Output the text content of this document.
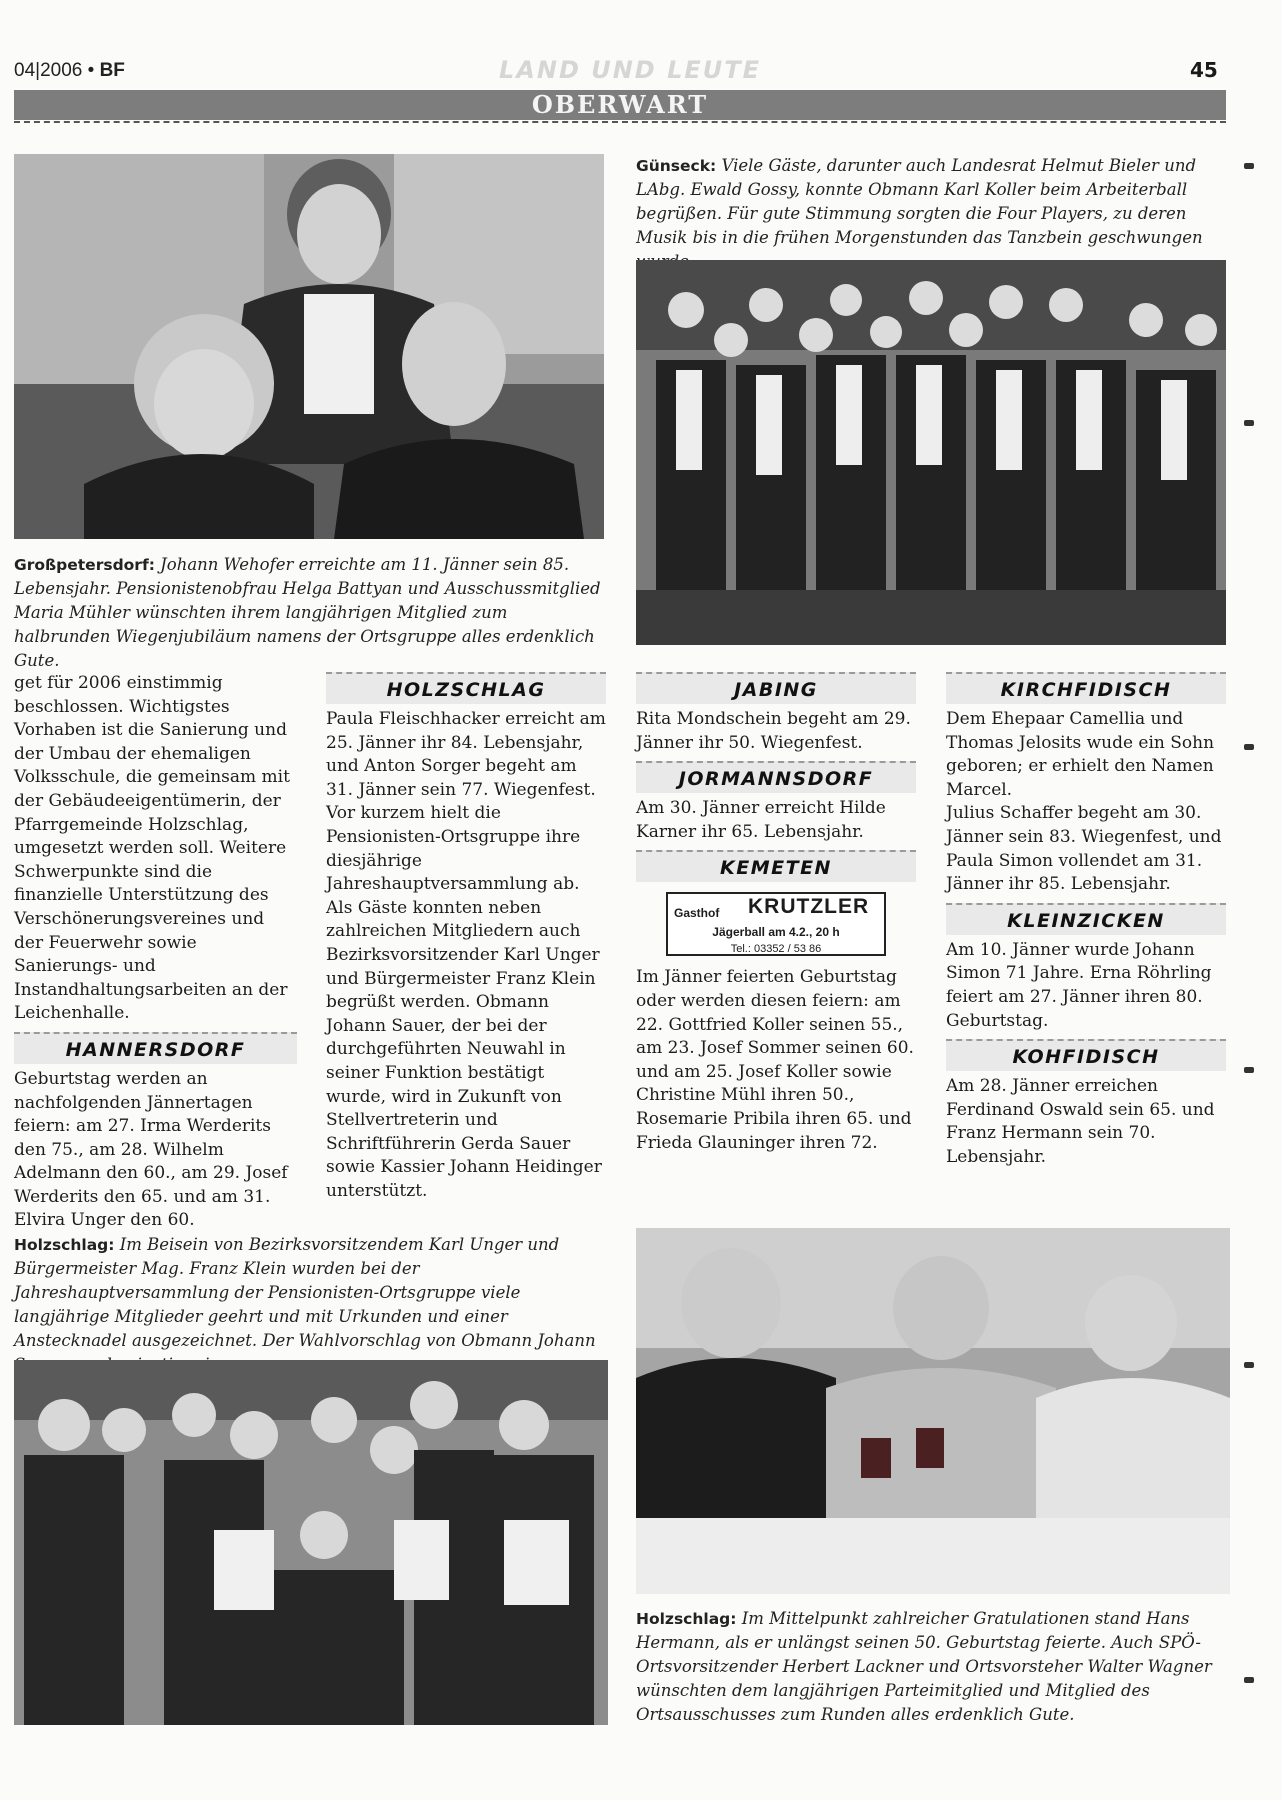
04|2006 • BF	LAND UND LEUTE	45
OBERWART
Großpetersdorf: Johann Wehofer erreichte am 11. Jänner sein 85. Lebensjahr. Pensionistenobfrau Helga Battyan und Ausschussmitglied Maria Mühler wünschten ihrem langjährigen Mitglied zum halbrunden Wiegenjubiläum namens der Ortsgruppe alles erdenklich Gute.
Günseck: Viele Gäste, darunter auch Landesrat Helmut Bieler und LAbg. Ewald Gossy, konnte Obmann Karl Koller beim Arbeiterball begrüßen. Für gute Stimmung sorgten die Four Players, zu deren Musik bis in die frühen Morgenstunden das Tanzbein geschwungen

get für 2006 einstimmig beschlossen. Wichtigstes Vorhaben ist die Sanierung und der Umbau der ehemaligen Volksschule, die gemeinsam mit der Gebäudeeigentümerin, der Pfarrgemeinde Holzschlag, umgesetzt werden soll. Weitere Schwerpunkte sind die finanzielle Unterstützung des Verschönerungsvereines und der Feuerwehr sowie Sanierungs- und Instandhaltungsarbeiten an der Leichenhalle.

HANNERSDORF

Geburtstag werden an nachfolgenden Jännertagen feiern: am 27. Irma Werderits den 75., am 28. Wilhelm Adelmann den 60., am 29. Josef Werderits den 65. und am 31. Elvira Unger den 60.

HOLZSCHLAG

Paula Fleischhacker erreicht am 25. Jänner ihr 84. Lebensjahr, und Anton Sorger begeht am 31. Jänner sein 77. Wiegenfest.

Vor kurzem hielt die Pensionisten-Ortsgruppe ihre diesjährige Jahreshauptversammlung ab. Als Gäste konnten neben zahlreichen Mitgliedern auch Bezirksvorsitzender Karl Unger und Bürgermeister Franz Klein begrüßt werden. Obmann Johann Sauer, der bei der durchgeführten Neuwahl in seiner Funktion bestätigt wurde, wird in Zukunft von Stellvertreterin und Schriftführerin Gerda Sauer sowie Kassier Johann Heidinger unterstützt.

JABING

Rita Mondschein begeht am 29. Jänner ihr 50. Wiegenfest.

JORMANNSDORF

Am 30. Jänner erreicht Hilde Karner ihr 65. Lebensjahr.

KEMETEN
Gasthof KRUTZLER
Jägerball am 4.2., 20 h
Tel.: 03352 / 53 86

Im Jänner feierten Geburtstag oder werden diesen feiern: am 22. Gottfried Koller seinen 55., am 23. Josef Sommer seinen 60. und am 25. Josef Koller sowie Christine Mühl ihren 50., Rosemarie Pribila ihren 65. und Frieda Glauninger ihren 72.

KIRCHFIDISCH

Dem Ehepaar Camellia und Thomas Jelosits wude ein Sohn geboren; er erhielt den Namen Marcel.

Julius Schaffer begeht am 30. Jänner sein 83. Wiegenfest, und Paula Simon vollendet am 31. Jänner ihr 85. Lebensjahr.

KLEINZICKEN

Am 10. Jänner wurde Johann Simon 71 Jahre. Erna Röhrling feiert am 27. Jänner ihren 80. Geburtstag.

KOHFIDISCH

Am 28. Jänner erreichen Ferdinand Oswald sein 65. und Franz Hermann sein 70. Lebensjahr.

Holzschlag: Im Beisein von Bezirksvorsitzendem Karl Unger und Bürgermeister Mag. Franz Klein wurden bei der Jahreshauptversammlung der Pensionisten-Ortsgruppe viele langjährige Mitglieder geehrt und mit Urkunden und einer Anstecknadel ausgezeichnet. Der Wahlvorschlag von Obmann Johann
Holzschlag: Im Mittelpunkt zahlreicher Gratulationen stand Hans Hermann, als er unlängst seinen 50. Geburtstag feierte. Auch SPÖ-Ortsvorsitzender Herbert Lackner und Ortsvorsteher Walter Wagner wünschten dem langjährigen Parteimitglied und Mitglied des Ortsausschusses zum Runden alles erdenklich Gute.
